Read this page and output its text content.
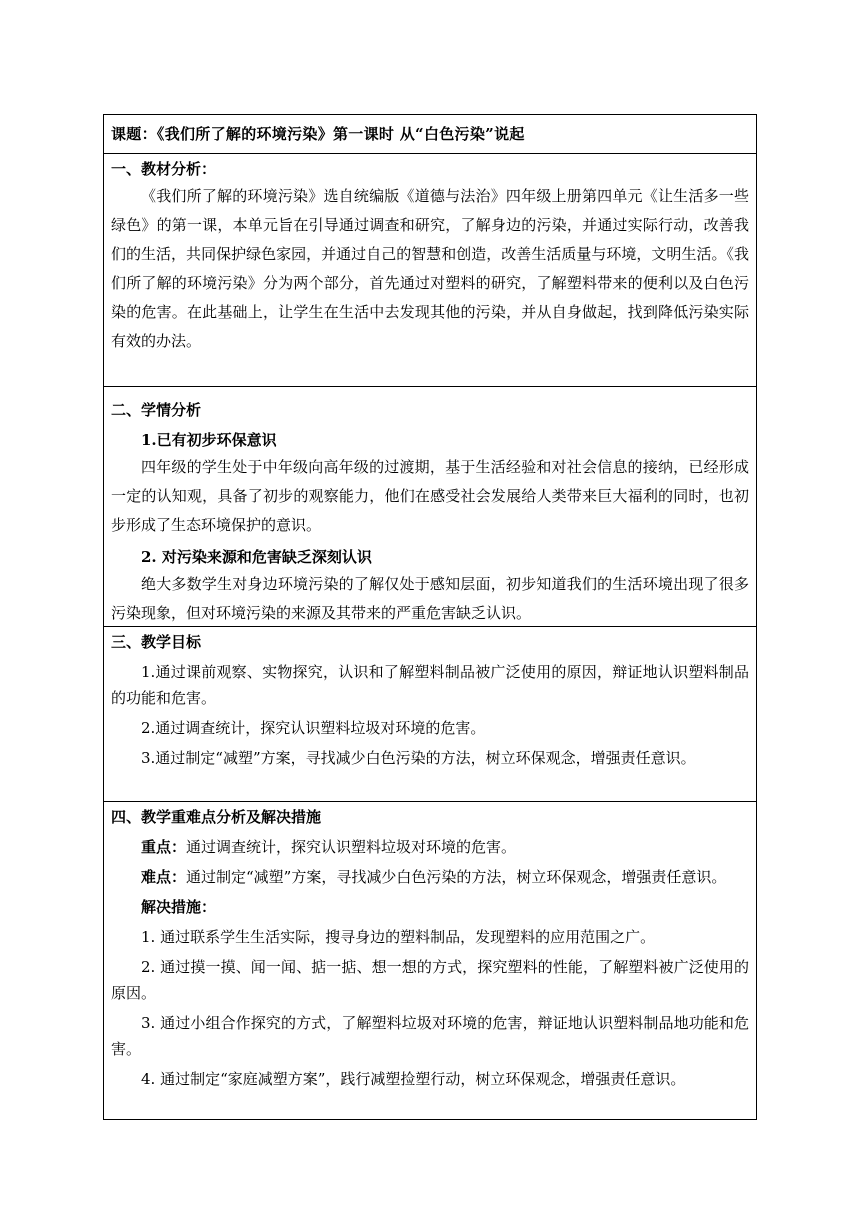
课题：《我们所了解的环境污染》第一课时 从“白色污染”说起

一、教材分析：

《我们所了解的环境污染》选自统编版《道德与法治》四年级上册第四单元《让生活多一些绿色》的第一课，本单元旨在引导通过调查和研究，了解身边的污染，并通过实际行动，改善我们的生活，共同保护绿色家园，并通过自己的智慧和创造，改善生活质量与环境，文明生活。《我们所了解的环境污染》分为两个部分，首先通过对塑料的研究，了解塑料带来的便利以及白色污染的危害。在此基础上，让学生在生活中去发现其他的污染，并从自身做起，找到降低污染实际有效的办法。

二、学情分析

1.已有初步环保意识

四年级的学生处于中年级向高年级的过渡期，基于生活经验和对社会信息的接纳，已经形成一定的认知观，具备了初步的观察能力，他们在感受社会发展给人类带来巨大福利的同时，也初步形成了生态环境保护的意识。

2. 对污染来源和危害缺乏深刻认识

绝大多数学生对身边环境污染的了解仅处于感知层面，初步知道我们的生活环境出现了很多污染现象，但对环境污染的来源及其带来的严重危害缺乏认识。

三、教学目标

1.通过课前观察、实物探究，认识和了解塑料制品被广泛使用的原因，辩证地认识塑料制品的功能和危害。

2.通过调查统计，探究认识塑料垃圾对环境的危害。

3.通过制定“减塑”方案，寻找减少白色污染的方法，树立环保观念，增强责任意识。

四、教学重难点分析及解决措施

重点：通过调查统计，探究认识塑料垃圾对环境的危害。

难点：通过制定“减塑”方案，寻找减少白色污染的方法，树立环保观念，增强责任意识。

解决措施：

1. 通过联系学生生活实际，搜寻身边的塑料制品，发现塑料的应用范围之广。

2. 通过摸一摸、闻一闻、掂一掂、想一想的方式，探究塑料的性能，了解塑料被广泛使用的原因。

3. 通过小组合作探究的方式，了解塑料垃圾对环境的危害，辩证地认识塑料制品地功能和危害。

4. 通过制定“家庭减塑方案”，践行减塑捡塑行动，树立环保观念，增强责任意识。
